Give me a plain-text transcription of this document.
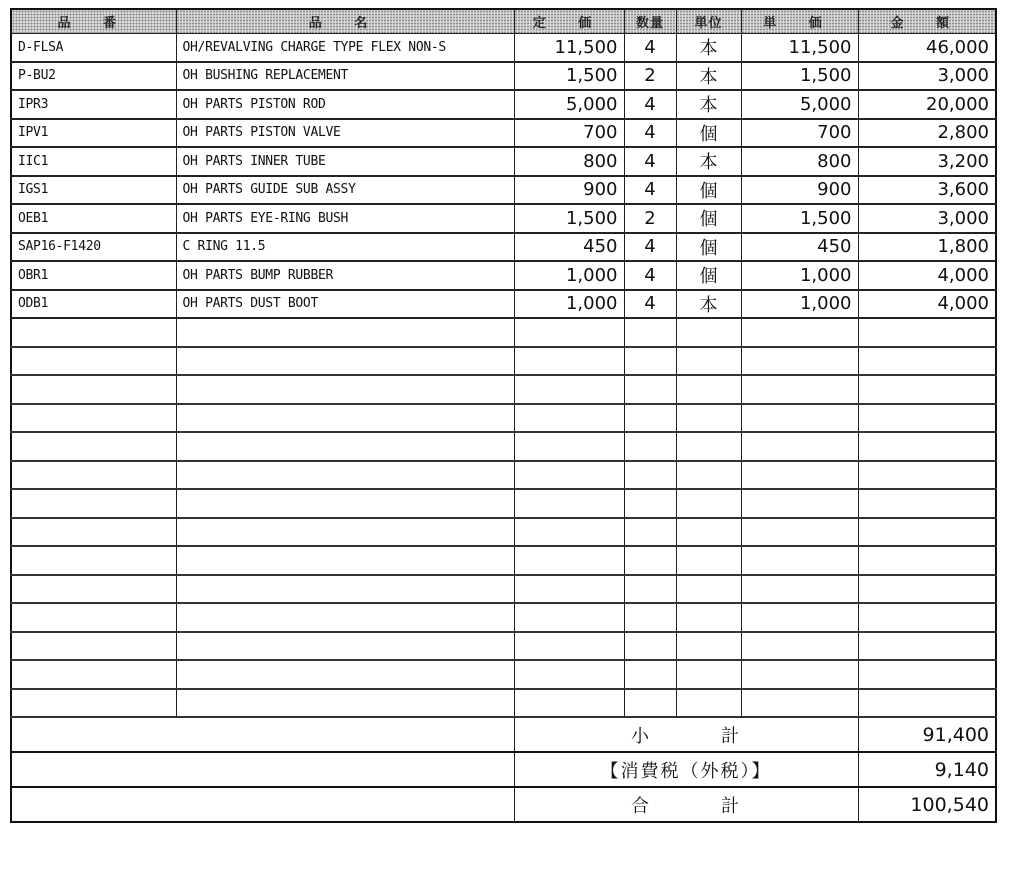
品 番	品 名	定 価	数量	単位	単 価	金 額
D-FLSA	OH/REVALVING CHARGE TYPE FLEX NON-S	11,500	4	本	11,500	46,000
P-BU2	OH BUSHING REPLACEMENT	1,500	2	本	1,500	3,000
IPR3	OH PARTS PISTON ROD	5,000	4	本	5,000	20,000
IPV1	OH PARTS PISTON VALVE	700	4	個	700	2,800
IIC1	OH PARTS INNER TUBE	800	4	本	800	3,200
IGS1	OH PARTS GUIDE SUB ASSY	900	4	個	900	3,600
OEB1	OH PARTS EYE-RING BUSH	1,500	2	個	1,500	3,000
SAP16-F1420	C RING 11.5	450	4	個	450	1,800
OBR1	OH PARTS BUMP RUBBER	1,000	4	個	1,000	4,000
ODB1	OH PARTS DUST BOOT	1,000	4	本	1,000	4,000

		小 計				91,400
		【消費税（外税）】				9,140
		合 計				100,540
